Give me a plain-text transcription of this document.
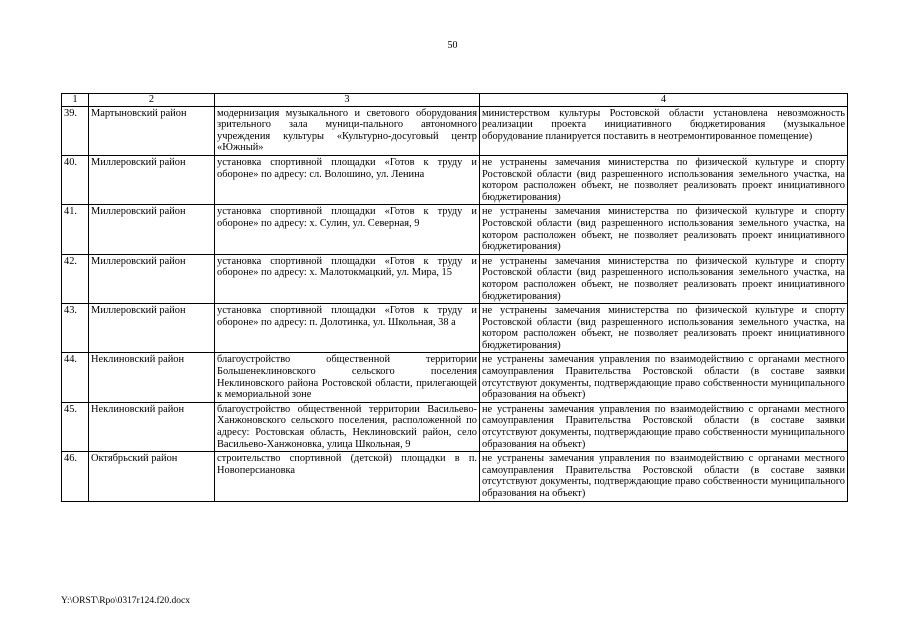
50
1	2	3	4
39.	Мартыновский район	модернизация музыкального и светового оборудования зрительного зала муници-пального автономного учреждения культуры «Культурно-досуговый центр «Южный»	министерством культуры Ростовской области установлена невозможность реализации проекта инициативного бюджетирования (музыкальное оборудование планируется поставить в неотремонтированное помещение)
40.	Миллеровский район	установка спортивной площадки «Готов к труду и обороне» по адресу: сл. Волошино, ул. Ленина	не устранены замечания министерства по физической культуре и спорту Ростовской области (вид разрешенного использования земельного участка, на котором расположен объект, не позволяет реализовать проект инициативного бюджетирования)
41.	Миллеровский район	установка спортивной площадки «Готов к труду и обороне» по адресу: х. Сулин, ул. Северная, 9	не устранены замечания министерства по физической культуре и спорту Ростовской области (вид разрешенного использования земельного участка, на котором расположен объект, не позволяет реализовать проект инициативного бюджетирования)
42.	Миллеровский район	установка спортивной площадки «Готов к труду и обороне» по адресу: х. Малотокмацкий, ул. Мира, 15	не устранены замечания министерства по физической культуре и спорту Ростовской области (вид разрешенного использования земельного участка, на котором расположен объект, не позволяет реализовать проект инициативного бюджетирования)
43.	Миллеровский район	установка спортивной площадки «Готов к труду и обороне» по адресу: п. Долотинка, ул. Школьная, 38 а	не устранены замечания министерства по физической культуре и спорту Ростовской области (вид разрешенного использования земельного участка, на котором расположен объект, не позволяет реализовать проект инициативного бюджетирования)
44.	Неклиновский район	благоустройство общественной территории Большенеклиновского сельского поселения Неклиновского района Ростовской области, прилегающей к мемориальной зоне	не устранены замечания управления по взаимодействию с органами местного самоуправления Правительства Ростовской области (в составе заявки отсутствуют документы, подтверждающие право собственности муниципального образования на объект)
45.	Неклиновский район	благоустройство общественной территории Васильево-Ханжоновского сельского поселения, расположенной по адресу: Ростовская область, Неклиновский район, село Васильево-Ханжоновка, улица Школьная, 9	не устранены замечания управления по взаимодействию с органами местного самоуправления Правительства Ростовской области (в составе заявки отсутствуют документы, подтверждающие право собственности муниципального образования на объект)
46.	Октябрьский район	строительство спортивной (детской) площадки в п. Новоперсиановка	не устранены замечания управления по взаимодействию с органами местного самоуправления Правительства Ростовской области (в составе заявки отсутствуют документы, подтверждающие право собственности муниципального образования на объект)
Y:\ORST\Rpo\0317r124.f20.docx
